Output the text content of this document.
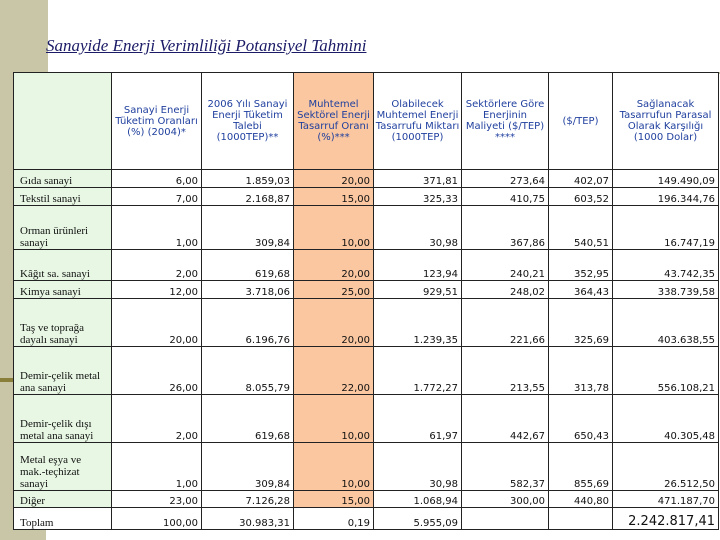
Sanayide Enerji Verimliliği Potansiyel Tahmini
	Sanayi Enerji Tüketim Oranları (%) (2004)*	2006 Yılı Sanayi Enerji Tüketim Talebi (1000TEP)**	Muhtemel Sektörel Enerji Tasarruf Oranı (%)***	Olabilecek Muhtemel Enerji Tasarrufu Miktarı (1000TEP)	Sektörlere Göre Enerjinin Maliyeti ($/TEP) ****	($/TEP)	Sağlanacak Tasarrufun Parasal Olarak Karşılığı (1000 Dolar)
Gıda sanayi	6,00	1.859,03	20,00	371,81	273,64	402,07	149.490,09
Tekstil sanayi	7,00	2.168,87	15,00	325,33	410,75	603,52	196.344,76
Orman ürünleri sanayi	1,00	309,84	10,00	30,98	367,86	540,51	16.747,19
Kâğıt sa. sanayi	2,00	619,68	20,00	123,94	240,21	352,95	43.742,35
Kimya sanayi	12,00	3.718,06	25,00	929,51	248,02	364,43	338.739,58
Taş ve toprağa dayalı sanayi	20,00	6.196,76	20,00	1.239,35	221,66	325,69	403.638,55
Demir-çelik metal ana sanayi	26,00	8.055,79	22,00	1.772,27	213,55	313,78	556.108,21
Demir-çelik dışı metal ana sanayi	2,00	619,68	10,00	61,97	442,67	650,43	40.305,48
Metal eşya ve mak.-teçhizat sanayi	1,00	309,84	10,00	30,98	582,37	855,69	26.512,50
Diğer	23,00	7.126,28	15,00	1.068,94	300,00	440,80	471.187,70
Toplam	100,00	30.983,31	0,19	5.955,09			2.242.817,41
